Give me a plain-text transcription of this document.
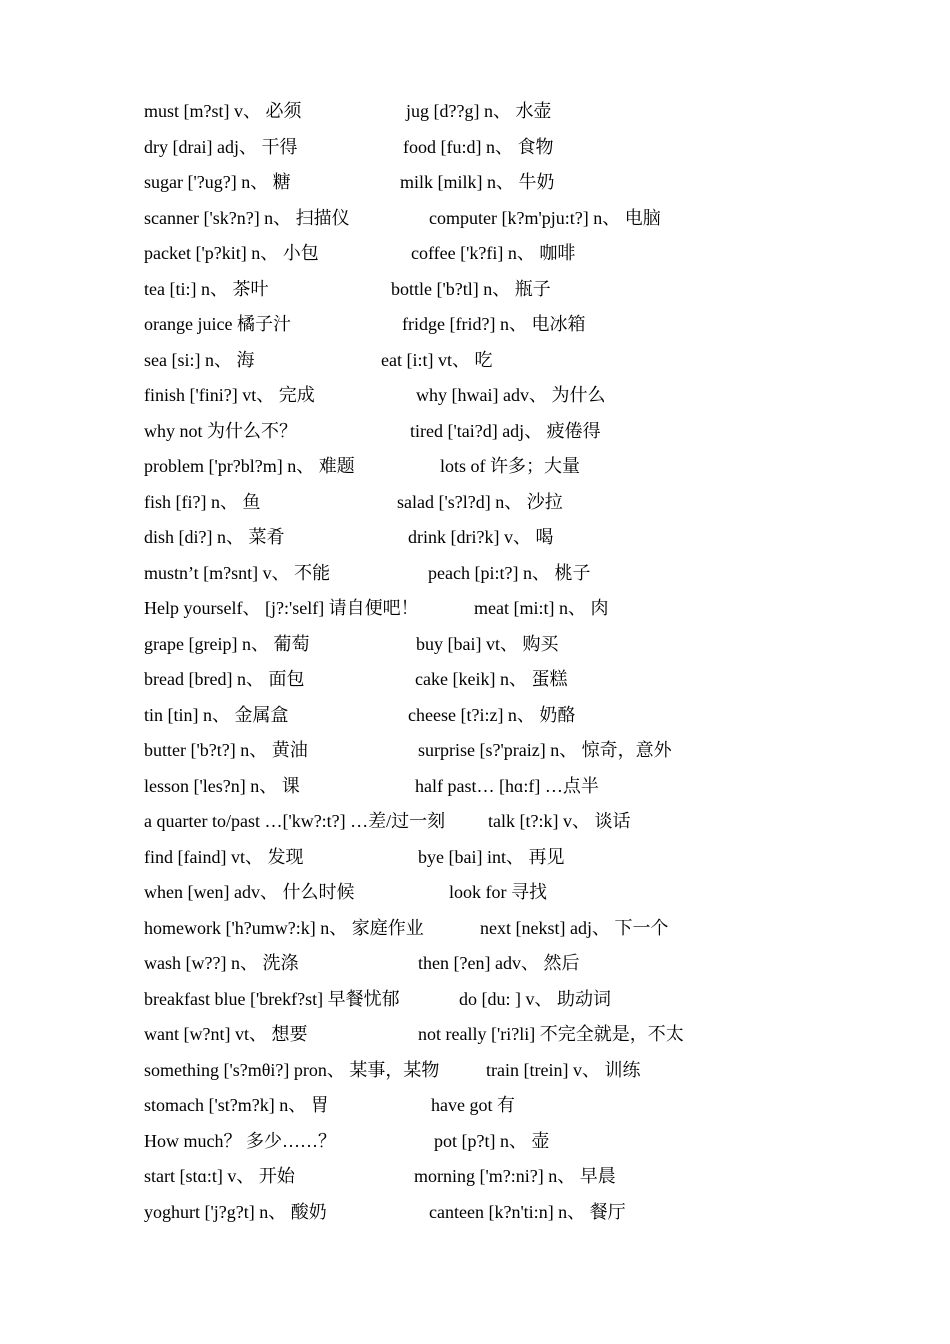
must [m?st] v、 必须	jug [d??g] n、 水壶
dry [drai] adj、 干得	food [fu:d] n、 食物
sugar ['?ug?] n、 糖	milk [milk] n、 牛奶
scanner ['sk?n?] n、 扫描仪	computer [k?m'pju:t?] n、 电脑
packet ['p?kit] n、 小包	coffee ['k?fi] n、 咖啡
tea [ti:] n、 茶叶	bottle ['b?tl] n、 瓶子
orange juice 橘子汁	fridge [frid?] n、 电冰箱
sea [si:] n、 海	eat [i:t] vt、 吃
finish ['fini?] vt、 完成	why [hwai] adv、 为什么
why not 为什么不？	tired ['tai?d] adj、 疲倦得
problem ['pr?bl?m] n、 难题	lots of 许多；大量
fish [fi?] n、 鱼	salad ['s?l?d] n、 沙拉
dish [di?] n、 菜肴	drink [dri?k] v、 喝
mustn’t [m?snt] v、 不能	peach [pi:t?] n、 桃子
Help yourself、 [j?:'self] 请自便吧！	meat [mi:t] n、 肉
grape [greip] n、 葡萄	buy [bai] vt、 购买
bread [bred] n、 面包	cake [keik] n、 蛋糕
tin [tin] n、 金属盒	cheese [t?i:z] n、 奶酪
butter ['b?t?] n、 黄油	surprise [s?'praiz] n、 惊奇，意外
lesson ['les?n] n、 课	half past… [hɑ:f] …点半
a quarter to/past …['kw?:t?] …差/过一刻 talk [t?:k] v、 谈话
find [faind] vt、 发现	bye [bai] int、 再见
when [wen] adv、 什么时候	look for 寻找
homework ['h?umw?:k] n、 家庭作业	next [nekst] adj、 下一个
wash [w??] n、 洗涤	then [?en] adv、 然后
breakfast blue ['brekf?st] 早餐忧郁	do [du: ] v、 助动词
want [w?nt] vt、 想要	not really ['ri?li] 不完全就是，不太
something ['s?mθi?] pron、 某事，某物	train [trein] v、 训练
stomach ['st?m?k] n、 胃	have got 有
How much？ 多少……？	pot [p?t] n、 壶
start [stɑ:t] v、 开始	morning ['m?:ni?] n、 早晨
yoghurt ['j?g?t] n、 酸奶	canteen [k?n'ti:n] n、 餐厅
